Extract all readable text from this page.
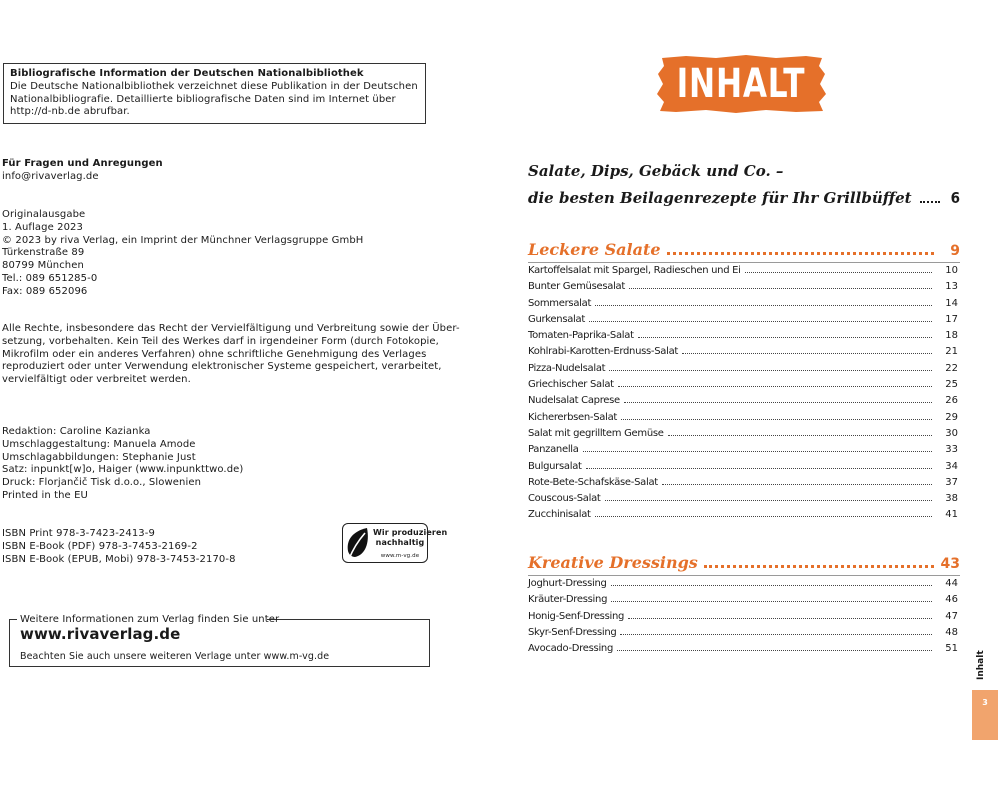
Bibliografische Information der Deutschen Nationalbibliothek
Die Deutsche Nationalbibliothek verzeichnet diese Publikation in der Deutschen
Nationalbibliografie. Detaillierte bibliografische Daten sind im Internet über
http://d-nb.de abrufbar.
Für Fragen und Anregungen
info@rivaverlag.de
Originalausgabe
1. Auflage 2023
© 2023 by riva Verlag, ein Imprint der Münchner Verlagsgruppe GmbH
Türkenstraße 89
80799 München
Tel.: 089 651285-0
Fax: 089 652096
Alle Rechte, insbesondere das Recht der Vervielfältigung und Verbreitung sowie der Über-
setzung, vorbehalten. Kein Teil des Werkes darf in irgendeiner Form (durch Fotokopie,
Mikrofilm oder ein anderes Verfahren) ohne schriftliche Genehmigung des Verlages
reproduziert oder unter Verwendung elektronischer Systeme gespeichert, verarbeitet,
vervielfältigt oder verbreitet werden.
Redaktion: Caroline Kazianka
Umschlaggestaltung: Manuela Amode
Umschlagabbildungen: Stephanie Just
Satz: inpunkt[w]o, Haiger (www.inpunkttwo.de)
Druck: Florjančič Tisk d.o.o., Slowenien
Printed in the EU
ISBN Print 978-3-7423-2413-9
ISBN E-Book (PDF) 978-3-7453-2169-2
ISBN E-Book (EPUB, Mobi) 978-3-7453-2170-8
Wir produzieren
nachhaltig
www.m-vg.de
Weitere Informationen zum Verlag finden Sie unter
www.rivaverlag.de
Beachten Sie auch unsere weiteren Verlage unter www.m-vg.de
INHALT
Salate, Dips, Gebäck und Co. –
die besten Beilagenrezepte für Ihr Grillbüffet	6
Leckere Salate	9
Kartoffelsalat mit Spargel, Radieschen und Ei	10
Bunter Gemüsesalat	13
Sommersalat	14
Gurkensalat	17
Tomaten-Paprika-Salat	18
Kohlrabi-Karotten-Erdnuss-Salat	21
Pizza-Nudelsalat	22
Griechischer Salat	25
Nudelsalat Caprese	26
Kichererbsen-Salat	29
Salat mit gegrilltem Gemüse	30
Panzanella	33
Bulgursalat	34
Rote-Bete-Schafskäse-Salat	37
Couscous-Salat	38
Zucchinisalat	41
Kreative Dressings	43
Joghurt-Dressing	44
Kräuter-Dressing	46
Honig-Senf-Dressing	47
Skyr-Senf-Dressing	48
Avocado-Dressing	51
Inhalt
3
